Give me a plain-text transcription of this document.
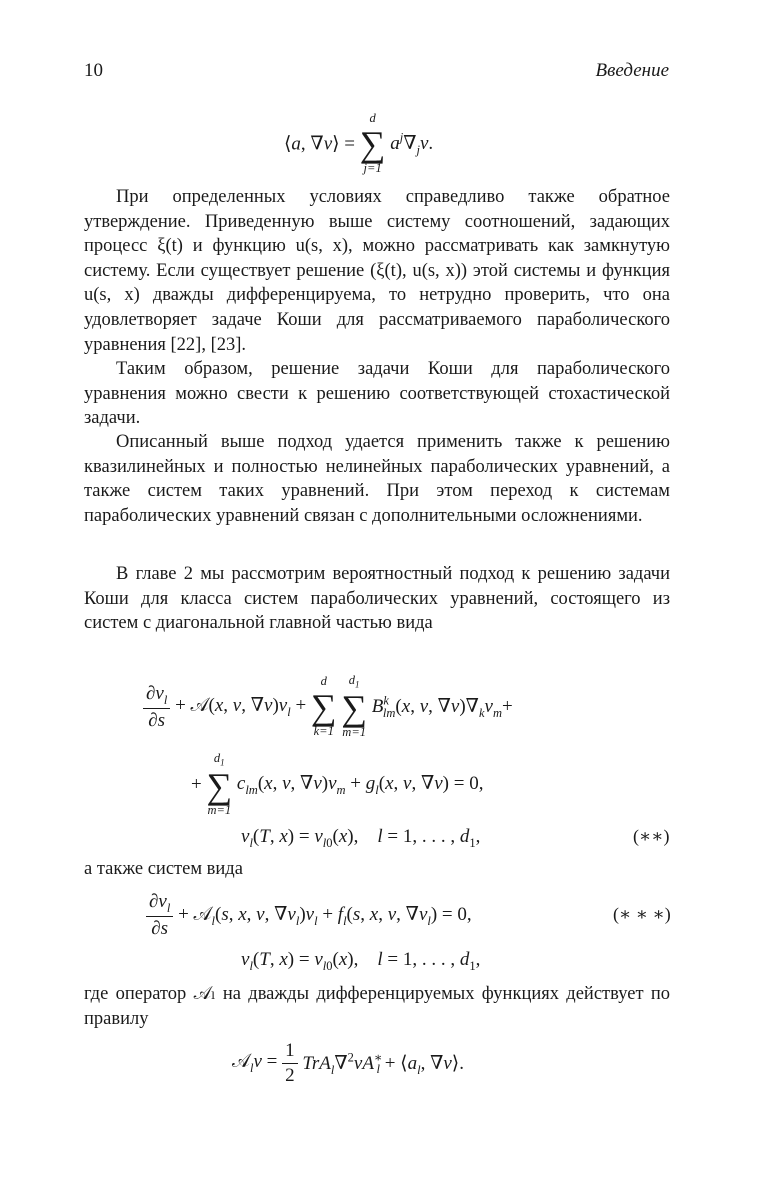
10	Введение
⟨a, ∇v⟩ =
d
∑
j=1
$a^j\nabla_jv$.

При определенных условиях справедливо также обратное утверждение. Приведенную выше систему соотношений, задающих процесс ξ(t) и функцию u(s, x), можно рассматривать как замкнутую систему. Если существует решение (ξ(t), u(s, x)) этой системы и функция u(s, x) дважды дифференцируема, то нетрудно проверить, что она удовлетворяет задаче Коши для рассматриваемого параболического уравнения [22], [23].

Таким образом, решение задачи Коши для параболического уравнения можно свести к решению соответствующей стохастической задачи.

Описанный выше подход удается применить также к решению квазилинейных и полностью нелинейных параболических уравнений, а также систем таких уравнений. При этом переход к системам параболических уравнений связан с дополнительными осложнениями.

В главе 2 мы рассмотрим вероятностный подход к решению задачи Коши для класса систем параболических уравнений, состоящего из систем с диагональной главной частью вида

$\frac{\partial v_l}{\partial s}$ + 𝒜(x, v, $\nabla v)v_l$ +
d
∑
k=1

$d_1$
∑
m=1
$B^k_{lm}(x$, v, $\nabla v)\nabla_kv_m+$
+
$d_1$
∑
m=1
$c_{lm}(x$, v, $\nabla v)v_m + g_l(x$, v, ∇v) = 0,
$v_l(T$, $x) = v_{l0}(x)$,    l = 1, . . . , $d_1$,	(∗∗)

а также систем вида

$\frac{\partial v_l}{\partial s}$ + 𝒜$_l$(s, x, v, $\nabla v_l)v_l + f_l(s$, x, v, $\nabla v_l) = 0$,	(∗ ∗ ∗)
$v_l(T$, $x) = v_{l0}(x)$,    l = 1, . . . , $d_1$,

где оператор 𝒜ₗ на дважды дифференцируемых функциях действует по правилу

𝒜$_l$v = $\frac{1}{2} TrA_l\nabla^2vA^∗_l$ + $⟨a_l$, ∇v⟩.
